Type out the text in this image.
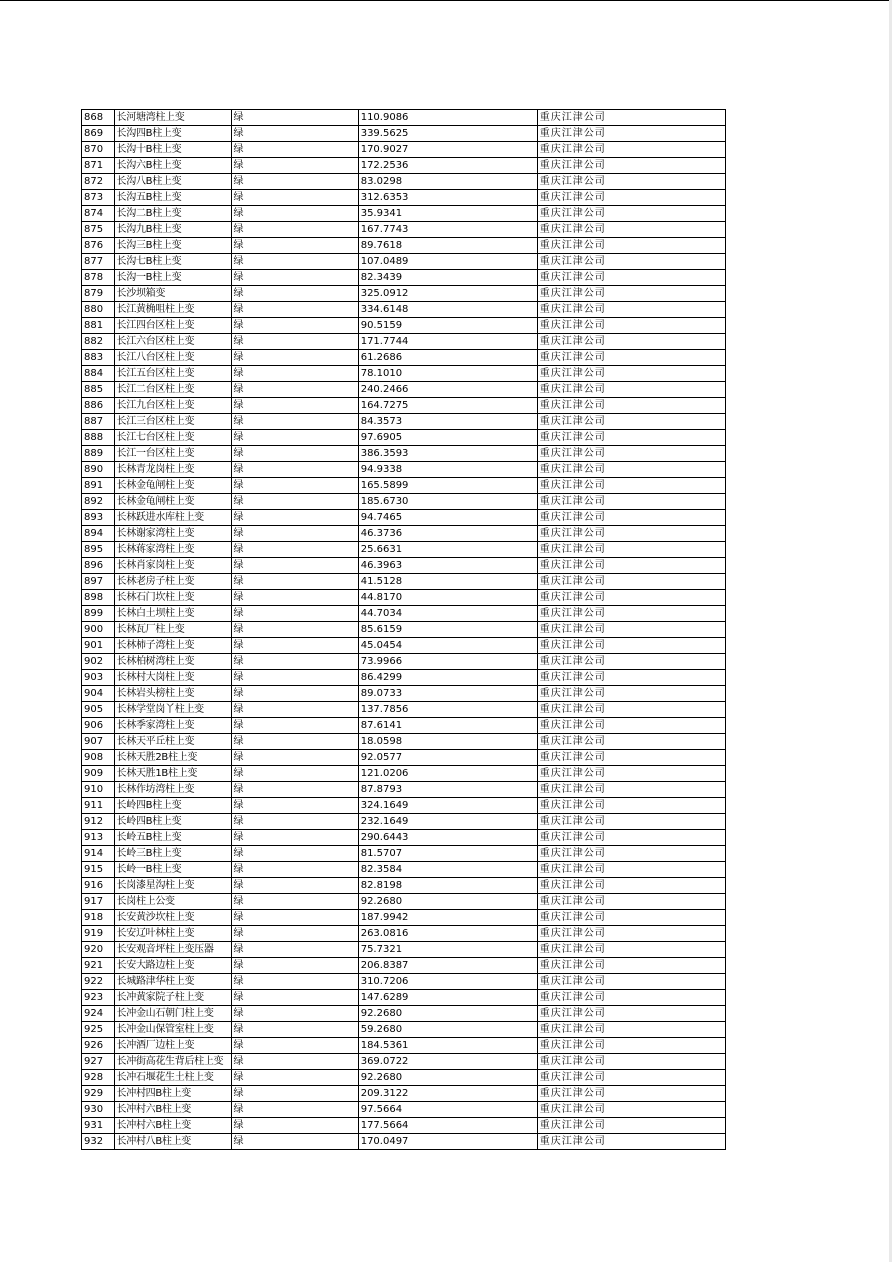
868	长河塘湾柱上变	绿	110.9086	重庆江津公司
869	长沟四B柱上变	绿	339.5625	重庆江津公司
870	长沟十B柱上变	绿	170.9027	重庆江津公司
871	长沟六B柱上变	绿	172.2536	重庆江津公司
872	长沟八B柱上变	绿	83.0298	重庆江津公司
873	长沟五B柱上变	绿	312.6353	重庆江津公司
874	长沟二B柱上变	绿	35.9341	重庆江津公司
875	长沟九B柱上变	绿	167.7743	重庆江津公司
876	长沟三B柱上变	绿	89.7618	重庆江津公司
877	长沟七B柱上变	绿	107.0489	重庆江津公司
878	长沟一B柱上变	绿	82.3439	重庆江津公司
879	长沙坝箱变	绿	325.0912	重庆江津公司
880	长江黄桷咀柱上变	绿	334.6148	重庆江津公司
881	长江四台区柱上变	绿	90.5159	重庆江津公司
882	长江六台区柱上变	绿	171.7744	重庆江津公司
883	长江八台区柱上变	绿	61.2686	重庆江津公司
884	长江五台区柱上变	绿	78.1010	重庆江津公司
885	长江二台区柱上变	绿	240.2466	重庆江津公司
886	长江九台区柱上变	绿	164.7275	重庆江津公司
887	长江三台区柱上变	绿	84.3573	重庆江津公司
888	长江七台区柱上变	绿	97.6905	重庆江津公司
889	长江一台区柱上变	绿	386.3593	重庆江津公司
890	长林青龙岗柱上变	绿	94.9338	重庆江津公司
891	长林金龟闸柱上变	绿	165.5899	重庆江津公司
892	长林金龟闸柱上变	绿	185.6730	重庆江津公司
893	长林跃进水库柱上变	绿	94.7465	重庆江津公司
894	长林谢家湾柱上变	绿	46.3736	重庆江津公司
895	长林蒋家湾柱上变	绿	25.6631	重庆江津公司
896	长林肖家岗柱上变	绿	46.3963	重庆江津公司
897	长林老房子柱上变	绿	41.5128	重庆江津公司
898	长林石门坎柱上变	绿	44.8170	重庆江津公司
899	长林白土坝柱上变	绿	44.7034	重庆江津公司
900	长林瓦厂柱上变	绿	85.6159	重庆江津公司
901	长林柿子湾柱上变	绿	45.0454	重庆江津公司
902	长林柏树湾柱上变	绿	73.9966	重庆江津公司
903	长林村大岗柱上变	绿	86.4299	重庆江津公司
904	长林岩头榜柱上变	绿	89.0733	重庆江津公司
905	长林学堂岗丫柱上变	绿	137.7856	重庆江津公司
906	长林季家湾柱上变	绿	87.6141	重庆江津公司
907	长林天平丘柱上变	绿	18.0598	重庆江津公司
908	长林天胜2B柱上变	绿	92.0577	重庆江津公司
909	长林天胜1B柱上变	绿	121.0206	重庆江津公司
910	长林作坊湾柱上变	绿	87.8793	重庆江津公司
911	长岭四B柱上变	绿	324.1649	重庆江津公司
912	长岭四B柱上变	绿	232.1649	重庆江津公司
913	长岭五B柱上变	绿	290.6443	重庆江津公司
914	长岭三B柱上变	绿	81.5707	重庆江津公司
915	长岭一B柱上变	绿	82.3584	重庆江津公司
916	长岗漆星沟柱上变	绿	82.8198	重庆江津公司
917	长岗柱上公变	绿	92.2680	重庆江津公司
918	长安黄沙坎柱上变	绿	187.9942	重庆江津公司
919	长安辽叶林柱上变	绿	263.0816	重庆江津公司
920	长安观音坪柱上变压器	绿	75.7321	重庆江津公司
921	长安大路边柱上变	绿	206.8387	重庆江津公司
922	长城路津华柱上变	绿	310.7206	重庆江津公司
923	长冲黄家院子柱上变	绿	147.6289	重庆江津公司
924	长冲金山石朝门柱上变	绿	92.2680	重庆江津公司
925	长冲金山保管室柱上变	绿	59.2680	重庆江津公司
926	长冲酒厂边柱上变	绿	184.5361	重庆江津公司
927	长冲街高花生背后柱上变	绿	369.0722	重庆江津公司
928	长冲石堰花生土柱上变	绿	92.2680	重庆江津公司
929	长冲村四B柱上变	绿	209.3122	重庆江津公司
930	长冲村六B柱上变	绿	97.5664	重庆江津公司
931	长冲村六B柱上变	绿	177.5664	重庆江津公司
932	长冲村八B柱上变	绿	170.0497	重庆江津公司
